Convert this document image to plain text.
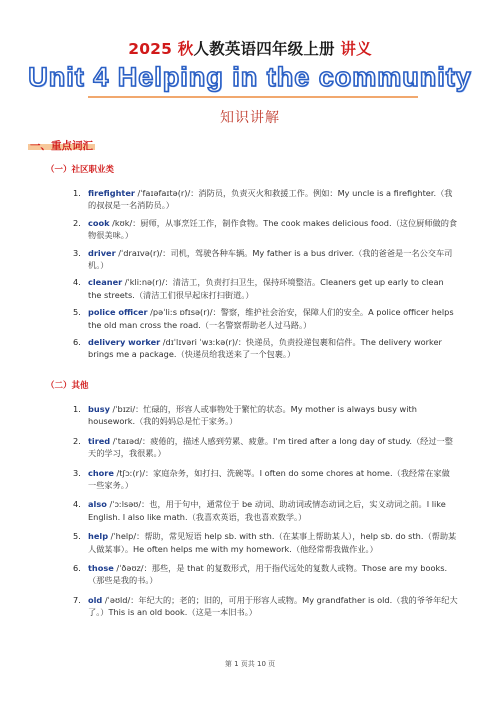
2025 秋人教英语四年级上册 讲义
Unit 4 Helping in the community
知识讲解
一、重点词汇
（一）社区职业类
1. firefighter /ˈfaɪəfaɪtə(r)/：消防员，负责灭火和救援工作。例如：My uncle is a firefighter.（我的叔叔是一名消防员。）
2. cook /kʊk/：厨师，从事烹饪工作，制作食物。The cook makes delicious food.（这位厨师做的食物很美味。）
3. driver /ˈdraɪvə(r)/：司机，驾驶各种车辆。My father is a bus driver.（我的爸爸是一名公交车司机。）
4. cleaner /ˈkliːnə(r)/：清洁工，负责打扫卫生，保持环境整洁。Cleaners get up early to clean the streets.（清洁工们很早起床打扫街道。）
5. police officer /pəˈliːs ɒfɪsə(r)/：警察，维护社会治安，保障人们的安全。A police officer helps the old man cross the road.（一名警察帮助老人过马路。）
6. delivery worker /dɪˈlɪvəri ˈwɜːkə(r)/：快递员，负责投递包裹和信件。The delivery worker brings me a package.（快递员给我送来了一个包裹。）
（二）其他
1. busy /ˈbɪzi/：忙碌的，形容人或事物处于繁忙的状态。My mother is always busy with housework.（我的妈妈总是忙于家务。）
2. tired /ˈtaɪəd/：疲倦的，描述人感到劳累、疲惫。I'm tired after a long day of study.（经过一整天的学习，我很累。）
3. chore /tʃɔː(r)/：家庭杂务，如打扫、洗碗等。I often do some chores at home.（我经常在家做一些家务。）
4. also /ˈɔːlsəʊ/：也，用于句中，通常位于 be 动词、助动词或情态动词之后，实义动词之前。I like English. I also like math.（我喜欢英语，我也喜欢数学。）
5. help /ˈhelp/：帮助，常见短语 help sb. with sth.（在某事上帮助某人），help sb. do sth.（帮助某人做某事）。He often helps me with my homework.（他经常帮我做作业。）
6. those /ˈðəʊz/：那些，是 that 的复数形式，用于指代远处的复数人或物。Those are my books.（那些是我的书。）
7. old /ˈəʊld/：年纪大的；老的；旧的，可用于形容人或物。My grandfather is old.（我的爷爷年纪大了。）This is an old book.（这是一本旧书。）
第 1 页共 10 页
